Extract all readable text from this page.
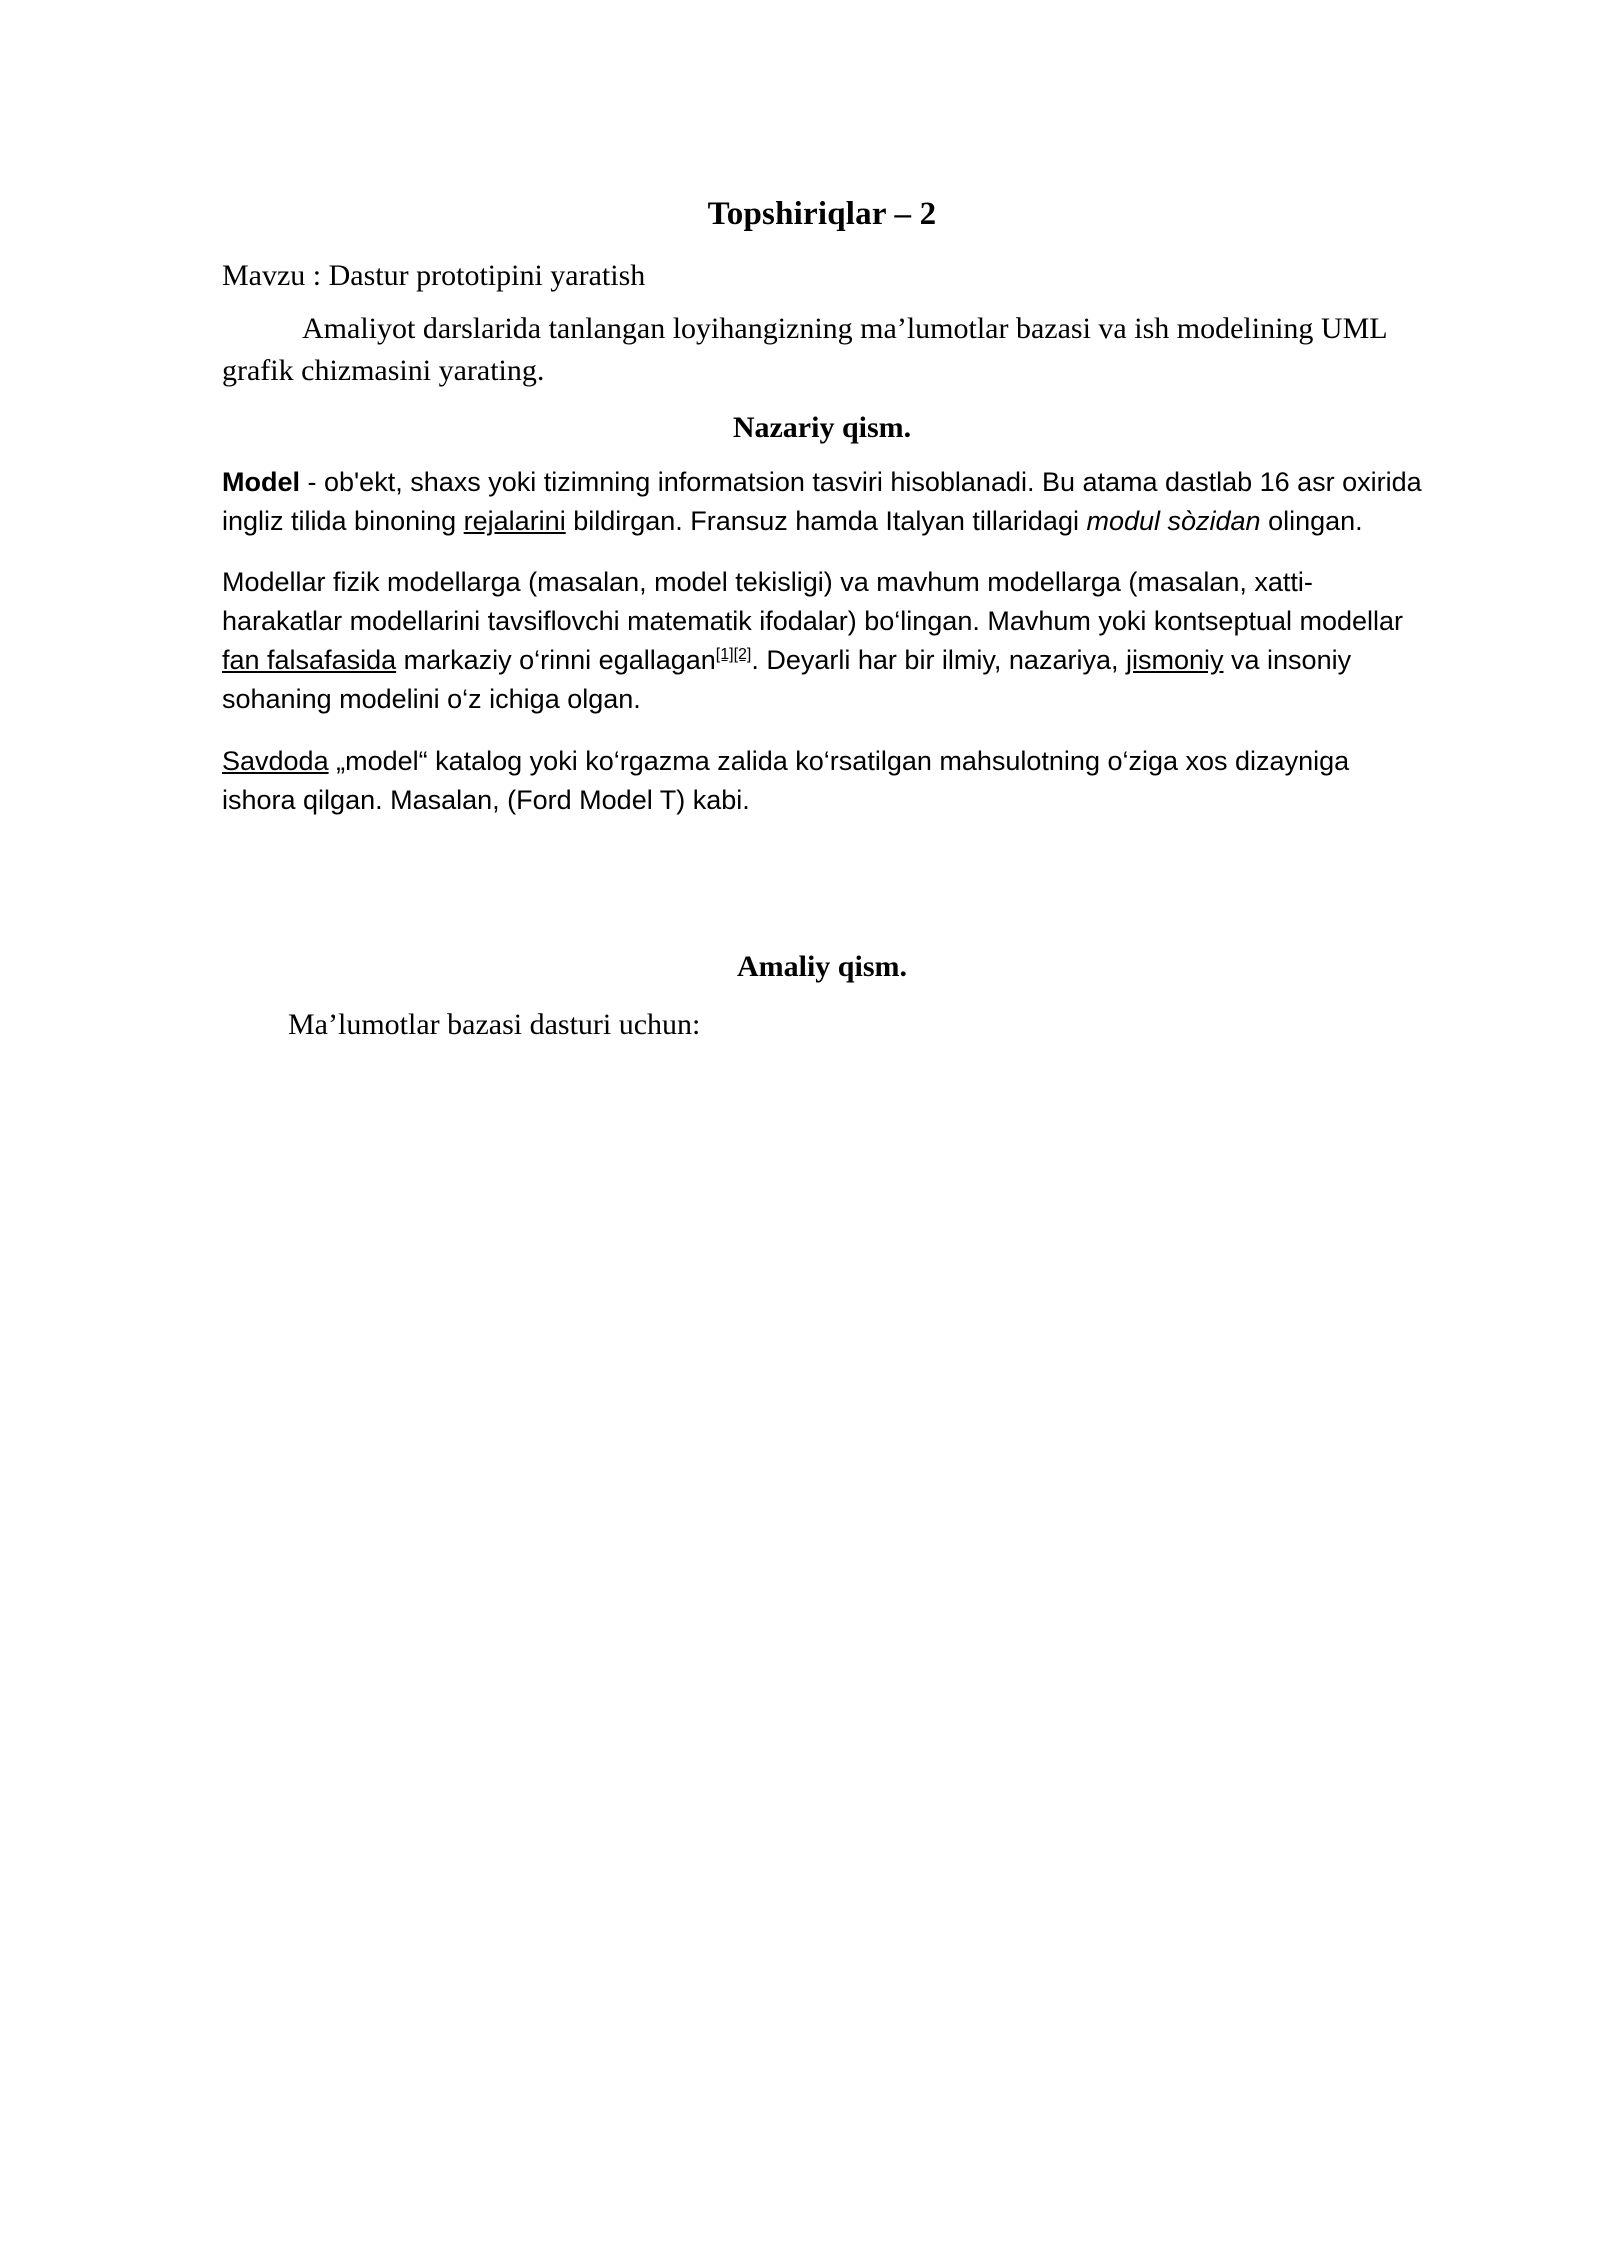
Topshiriqlar – 2

Mavzu : Dastur prototipini yaratish

Amaliyot darslarida tanlangan loyihangizning ma’lumotlar bazasi va ish modelining UML grafik chizmasini yarating.

Nazariy qism.

Model - ob'ekt, shaxs yoki tizimning informatsion tasviri hisoblanadi. Bu atama dastlab 16 asr oxirida ingliz tilida binoning rejalarini bildirgan. Fransuz hamda Italyan tillaridagi modul sòzidan olingan.

Modellar fizik modellarga (masalan, model tekisligi) va mavhum modellarga (masalan, xatti-harakatlar modellarini tavsiflovchi matematik ifodalar) bo‘lingan. Mavhum yoki kontseptual modellar fan falsafasida markaziy o‘rinni egallagan[1][2]. Deyarli har bir ilmiy, nazariya, jismoniy va insoniy sohaning modelini o‘z ichiga olgan.

Savdoda „model“ katalog yoki ko‘rgazma zalida ko‘rsatilgan mahsulotning o‘ziga xos dizayniga ishora qilgan. Masalan, (Ford Model T) kabi.

Amaliy qism.

Ma’lumotlar bazasi dasturi uchun:
